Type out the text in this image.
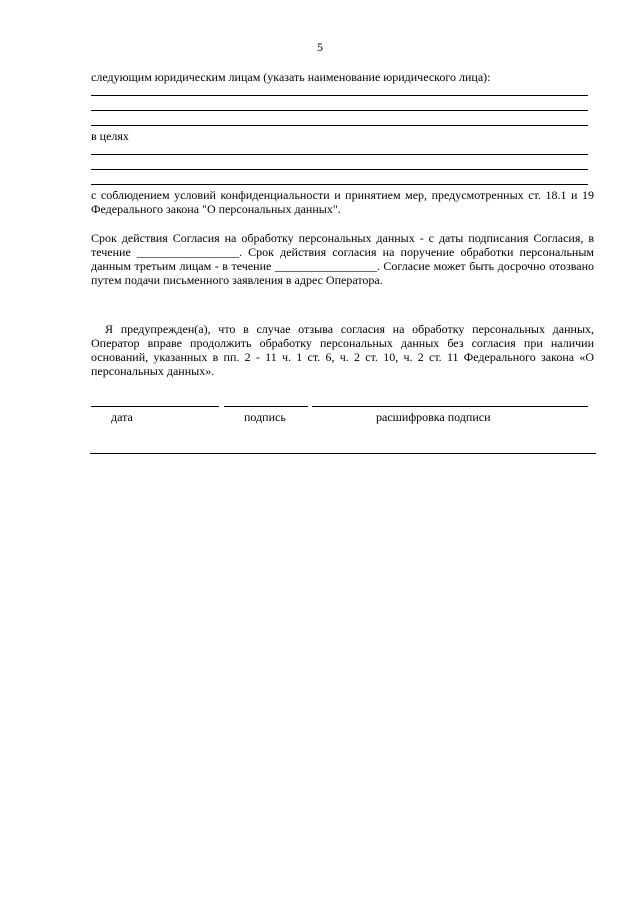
5

следующим юридическим лицам (указать наименование юридического лица):

в целях

с соблюдением условий конфиденциальности и принятием мер, предусмотренных ст. 18.1 и 19 Федерального закона "О персональных данных".

Срок действия Согласия на обработку персональных данных - с даты подписания Согласия, в течение _________________. Срок действия согласия на поручение обработки персональным данным третьим лицам - в течение _________________. Согласие может быть досрочно отозвано путем подачи письменного заявления в адрес Оператора.

Я предупрежден(а), что в случае отзыва согласия на обработку персональных данных, Оператор вправе продолжить обработку персональных данных без согласия при наличии оснований, указанных в пп. 2 - 11 ч. 1 ст. 6, ч. 2 ст. 10, ч. 2 ст. 11 Федерального закона «О персональных данных».

дата	подпись	расшифровка подписи
